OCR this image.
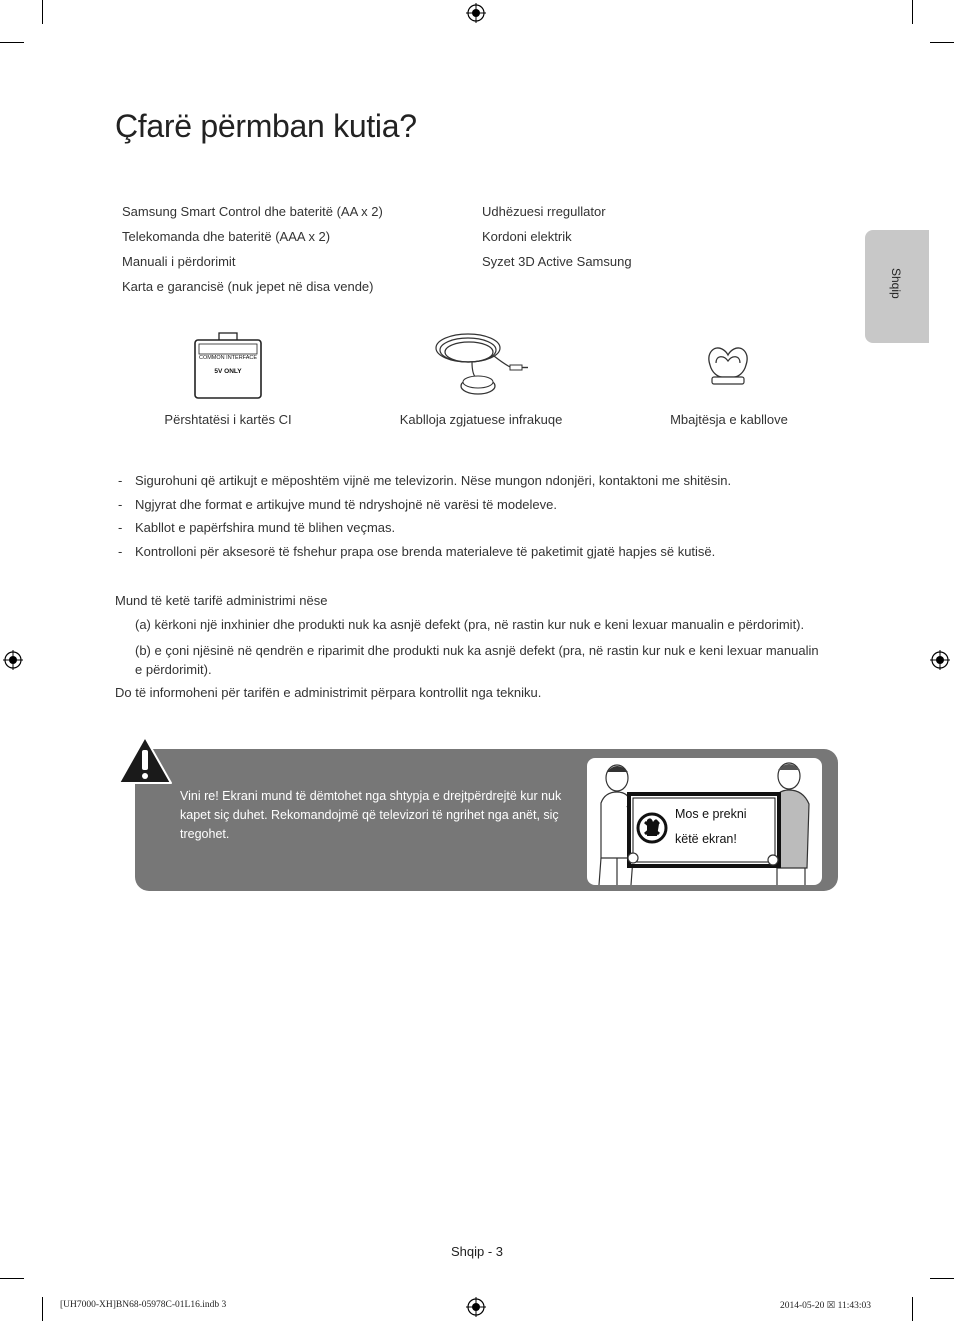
Shqip
Çfarë përmban kutia?
Samsung Smart Control dhe bateritë (AA x 2)
Telekomanda dhe bateritë (AAA x 2)
Manuali i përdorimit
Karta e garancisë (nuk jepet në disa vende)
Udhëzuesi rregullator
Kordoni elektrik
Syzet 3D Active Samsung
COMMON INTERFACE
5V ONLY
Përshtatësi i kartës CI	Kablloja zgjatuese infrakuqe	Mbajtësja e kabllove
- Sigurohuni që artikujt e mëposhtëm vijnë me televizorin. Nëse mungon ndonjëri, kontaktoni me shitësin.
- Ngjyrat dhe format e artikujve mund të ndryshojnë në varësi të modeleve.
- Kabllot e papërfshira mund të blihen veçmas.
- Kontrolloni për aksesorë të fshehur prapa ose brenda materialeve të paketimit gjatë hapjes së kutisë.
Mund të ketë tarifë administrimi nëse
(a) kërkoni një inxhinier dhe produkti nuk ka asnjë defekt (pra, në rastin kur nuk e keni lexuar manualin e përdorimit).
(b) e çoni njësinë në qendrën e riparimit dhe produkti nuk ka asnjë defekt (pra, në rastin kur nuk e keni lexuar manualin e përdorimit).
Do të informoheni për tarifën e administrimit përpara kontrollit nga tekniku.
Vini re! Ekrani mund të dëmtohet nga shtypja e drejtpërdrejtë kur nuk kapet siç duhet. Rekomandojmë që televizori të ngrihet nga anët, siç tregohet.
Mos e prekni
këtë ekran!
Shqip - 3
[UH7000-XH]BN68-05978C-01L16.indb 3	2014-05-20 ☒ 11:43:03
